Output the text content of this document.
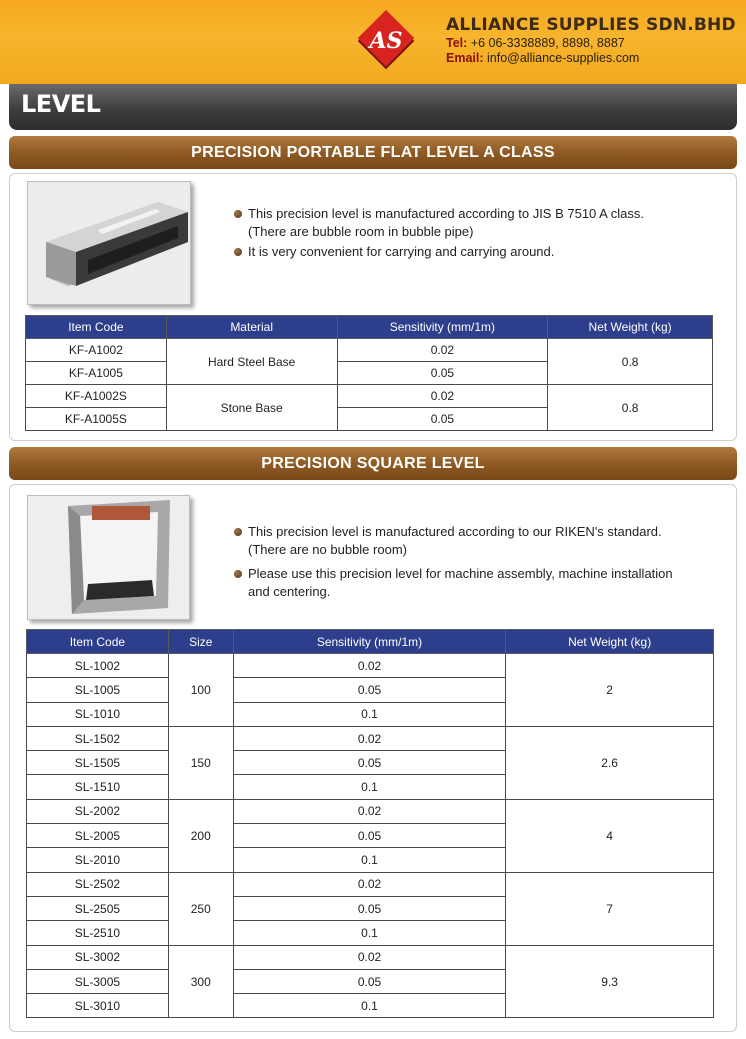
AS
ALLIANCE SUPPLIES SDN.BHD
Tel: +6 06-3338889, 8898, 8887
Email: info@alliance-supplies.com
LEVEL
PRECISION PORTABLE FLAT LEVEL A CLASS
This precision level is manufactured according to JIS B 7510 A class.
(There are bubble room in bubble pipe)
It is very convenient for carrying and carrying around.
Item Code	Material	Sensitivity (mm/1m)	Net Weight (kg)
KF-A1002	Hard Steel Base	0.02	0.8
KF-A1005		0.05	
KF-A1002S	Stone Base	0.02	0.8
KF-A1005S		0.05	
PRECISION SQUARE LEVEL
This precision level is manufactured according to our RIKEN's standard.
(There are no bubble room)
Please use this precision level for machine assembly, machine installation
and centering.
Item Code	Size	Sensitivity (mm/1m)	Net Weight (kg)
SL-1002	100	0.02	2
SL-1005		0.05	
SL-1010		0.1	
SL-1502	150	0.02	2.6
SL-1505		0.05	
SL-1510		0.1	
SL-2002	200	0.02	4
SL-2005		0.05	
SL-2010		0.1	
SL-2502	250	0.02	7
SL-2505		0.05	
SL-2510		0.1	
SL-3002	300	0.02	9.3
SL-3005		0.05	
SL-3010		0.1	
